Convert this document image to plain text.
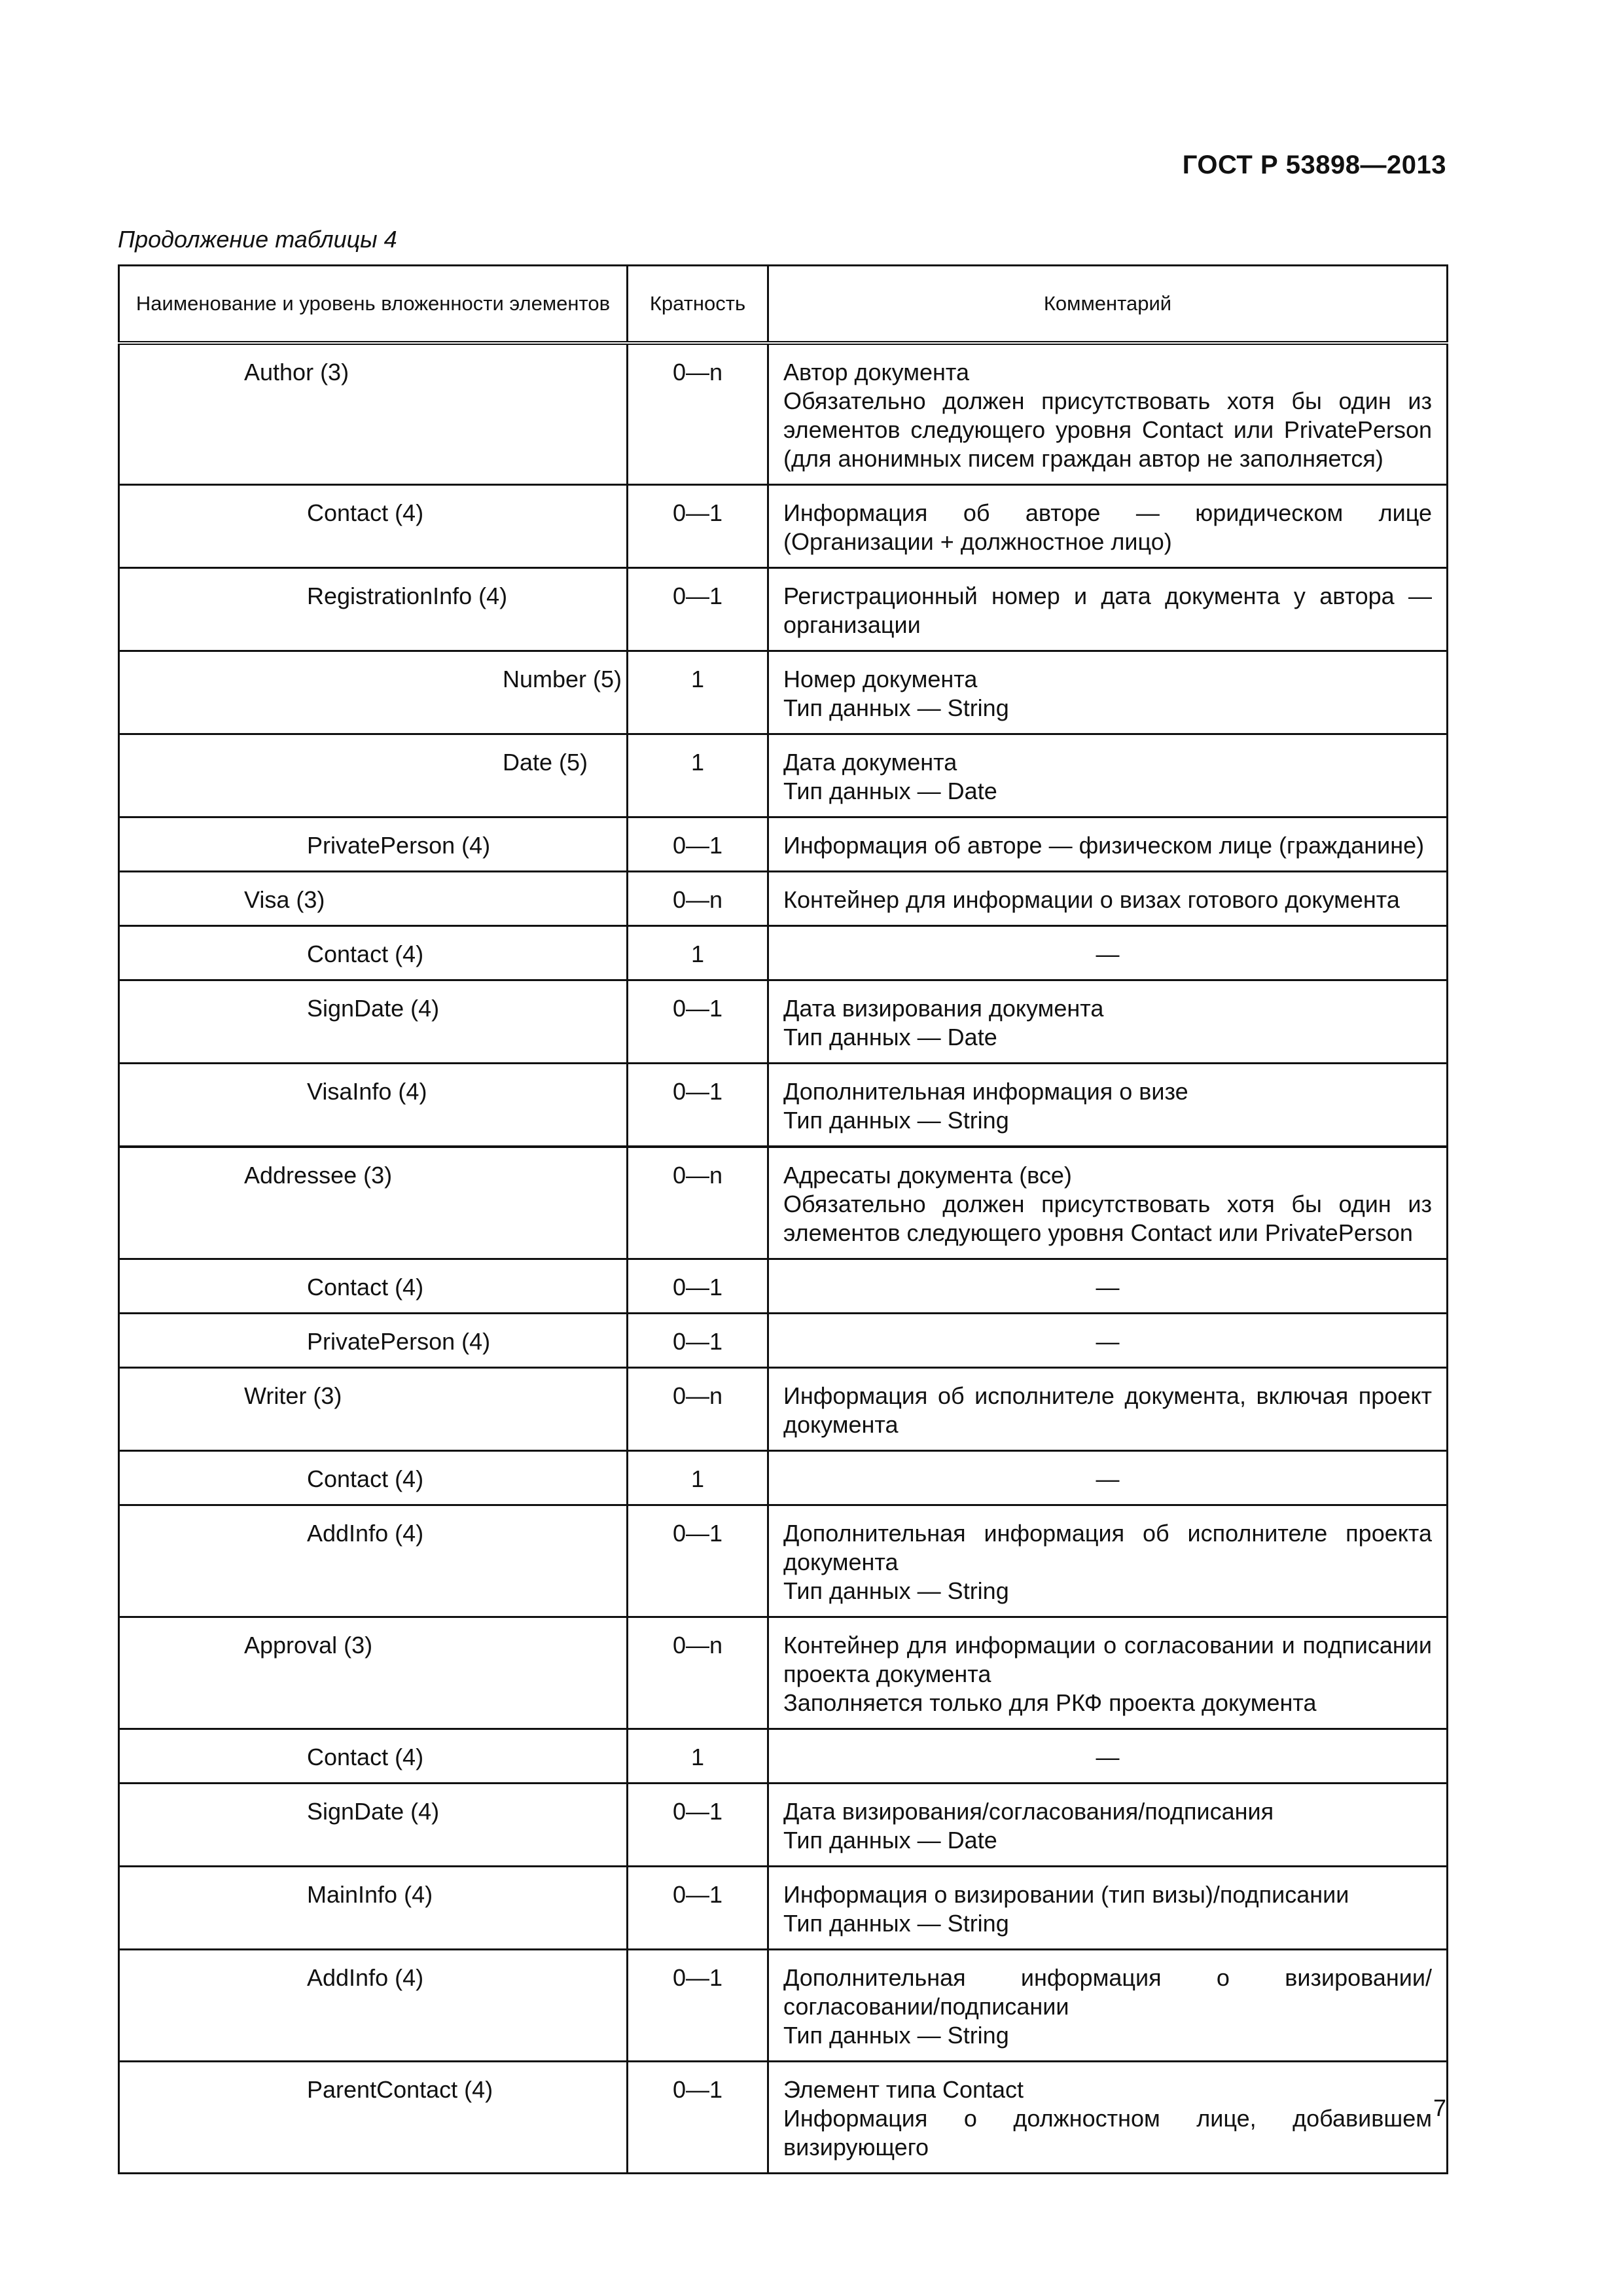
ГОСТ Р 53898—2013
Продолжение таблицы 4
Наименование и уровень вложенности элементов	Кратность	Комментарий
Author (3)	0—n	Автор документа
Обязательно должен присутствовать хотя бы один из элементов следующего уровня Contact или PrivatePerson (для анонимных писем граждан автор не заполняется)

Contact (4)	0—1	Информация об авторе — юридическом лице (Организации + должностное лицо)

RegistrationInfo (4)	0—1	Регистрационный номер и дата документа у автора — организации

Number (5)	1	Номер документа
Тип данных — String

Date (5)	1	Дата документа
Тип данных — Date

PrivatePerson (4)	0—1	Информация об авторе — физическом лице (гражданине)

Visa (3)	0—n	Контейнер для информации о визах готового документа

Contact (4)	1	—

SignDate (4)	0—1	Дата визирования документа
Тип данных — Date

VisaInfo (4)	0—1	Дополнительная информация о визе
Тип данных — String

Addressee (3)	0—n	Адресаты документа (все)
Обязательно должен присутствовать хотя бы один из элементов следующего уровня Contact или PrivatePerson

Contact (4)	0—1	—

PrivatePerson (4)	0—1	—

Writer (3)	0—n	Информация об исполнителе документа, включая проект документа

Contact (4)	1	—

AddInfo (4)	0—1	Дополнительная информация об исполнителе проекта документа
Тип данных — String

Approval (3)	0—n	Контейнер для информации о согласовании и подписании проекта документа
Заполняется только для РКФ проекта документа

Contact (4)	1	—

SignDate (4)	0—1	Дата визирования/согласования/подписания
Тип данных — Date

MainInfo (4)	0—1	Информация о визировании (тип визы)/подписании
Тип данных — String

AddInfo (4)	0—1	Дополнительная информация о визировании/согласовании/подписании
Тип данных — String

ParentContact (4)	0—1	Элемент типа Contact
Информация о должностном лице, добавившем визирующего
7
